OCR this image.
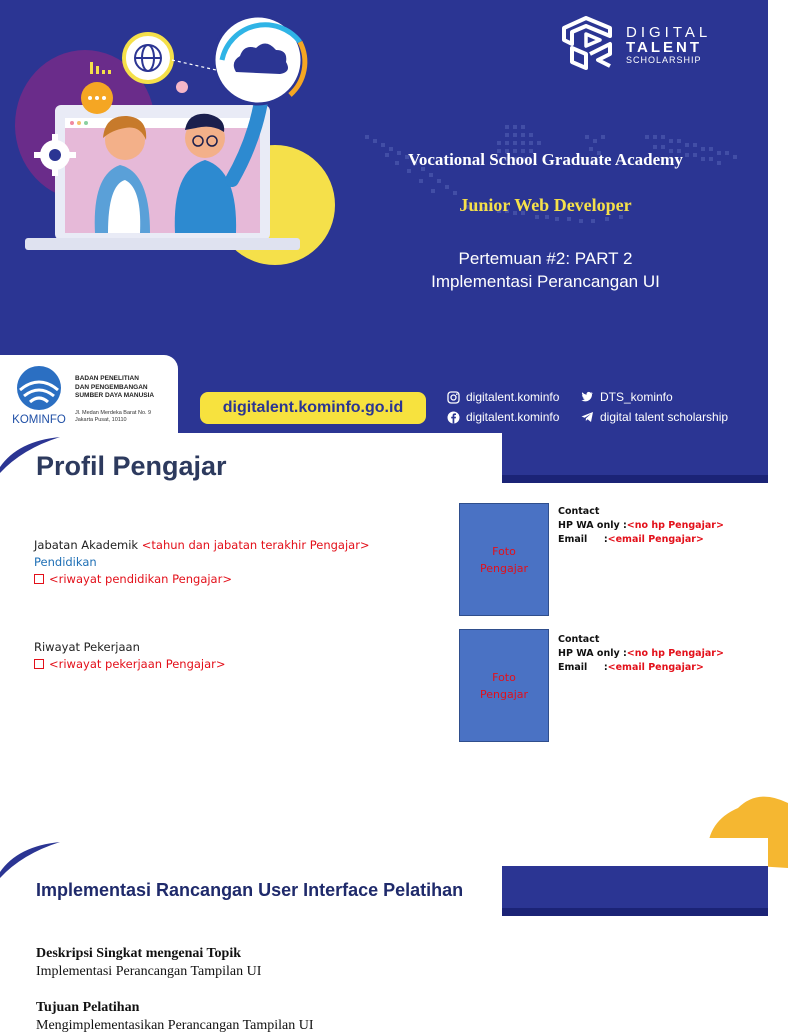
DIGITAL
TALENT
SCHOLARSHIP
Vocational School Graduate Academy
Junior Web Developer
Pertemuan #2: PART 2
Implementasi Perancangan UI
KOMINFO
BADAN PENELITIAN
DAN PENGEMBANGAN
SUMBER DAYA MANUSIA
Jl. Medan Merdeka Barat No. 9
Jakarta Pusat, 10110
digitalent.kominfo.go.id
digitalent.kominfo	DTS_kominfo
digitalent.kominfo	digital talent scholarship
Profil Pengajar
Jabatan Akademik <tahun dan jabatan terakhir Pengajar>
Pendidikan
<riwayat pendidikan Pengajar>
Riwayat Pekerjaan
<riwayat pekerjaan Pengajar>
Foto
Pengajar
Contact
HP WA only :<no hp Pengajar>
Email     :<email Pengajar>
Foto
Pengajar
Contact
HP WA only :<no hp Pengajar>
Email     :<email Pengajar>
Implementasi Rancangan User Interface Pelatihan
Deskripsi Singkat mengenai Topik
Implementasi Perancangan Tampilan UI
Tujuan Pelatihan
Mengimplementasikan Perancangan Tampilan UI
